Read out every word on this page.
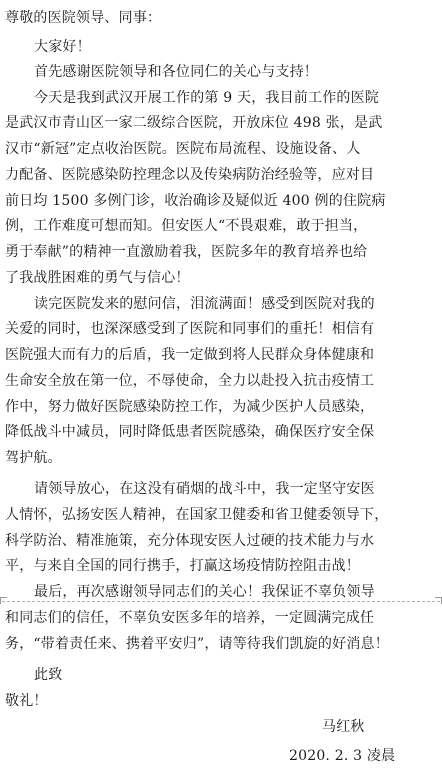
尊敬的医院领导、同事：
大家好！
首先感谢医院领导和各位同仁的关心与支持！
今天是我到武汉开展工作的第 9 天，我目前工作的医院
是武汉市青山区一家二级综合医院，开放床位 498 张，是武
汉市“新冠”定点收治医院。医院布局流程、设施设备、人
力配备、医院感染防控理念以及传染病防治经验等，应对目
前日均 1500 多例门诊，收治确诊及疑似近 400 例的住院病
例，工作难度可想而知。但安医人“不畏艰难，敢于担当，
勇于奉献”的精神一直激励着我，医院多年的教育培养也给
了我战胜困难的勇气与信心！
读完医院发来的慰问信，泪流满面！感受到医院对我的
关爱的同时，也深深感受到了医院和同事们的重托！相信有
医院强大而有力的后盾，我一定做到将人民群众身体健康和
生命安全放在第一位，不辱使命，全力以赴投入抗击疫情工
作中，努力做好医院感染防控工作，为减少医护人员感染，
降低战斗中减员，同时降低患者医院感染，确保医疗安全保
驾护航。
请领导放心，在这没有硝烟的战斗中，我一定坚守安医
人情怀，弘扬安医人精神，在国家卫健委和省卫健委领导下，
科学防治、精准施策，充分体现安医人过硬的技术能力与水
平，与来自全国的同行携手，打赢这场疫情防控阻击战！
最后，再次感谢领导同志们的关心！我保证不辜负领导
和同志们的信任，不辜负安医多年的培养，一定圆满完成任
务，“带着责任来、携着平安归”，请等待我们凯旋的好消息！
此致
敬礼！
马红秋
2020. 2. 3 凌晨
